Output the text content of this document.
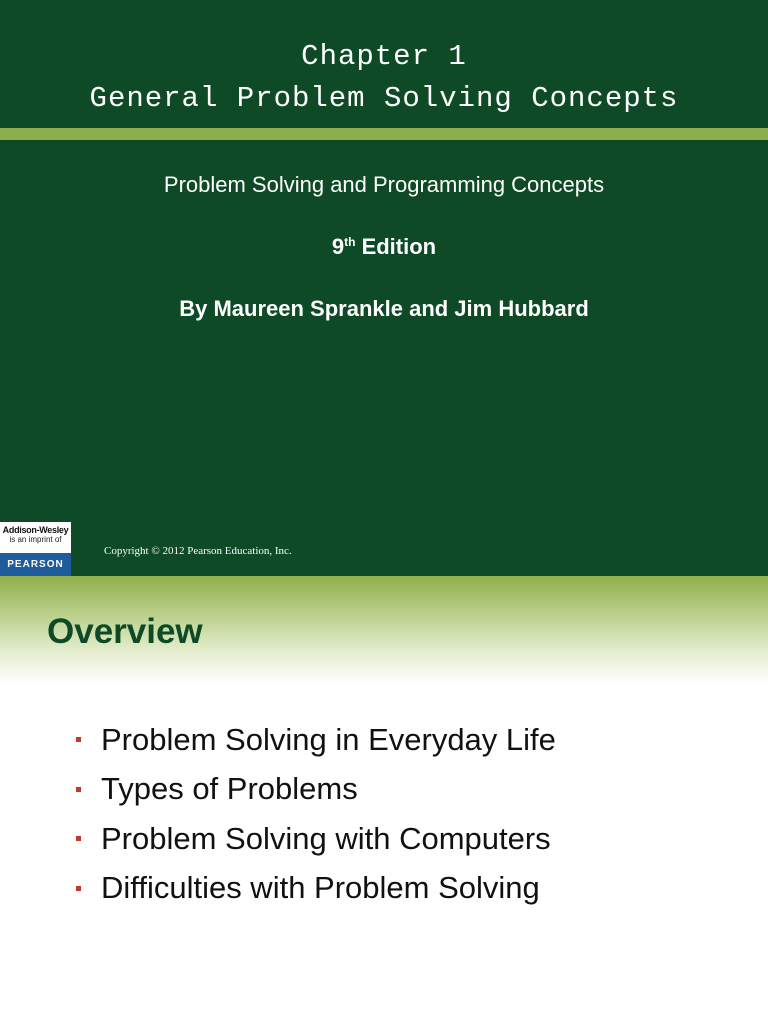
Chapter 1
General Problem Solving Concepts
Problem Solving and Programming Concepts
9th Edition
By Maureen Sprankle and Jim Hubbard
Addison-Wesley
is an imprint of
PEARSON
Copyright © 2012 Pearson Education, Inc.
Overview
Problem Solving in Everyday Life
Types of Problems
Problem Solving with Computers
Difficulties with Problem Solving
